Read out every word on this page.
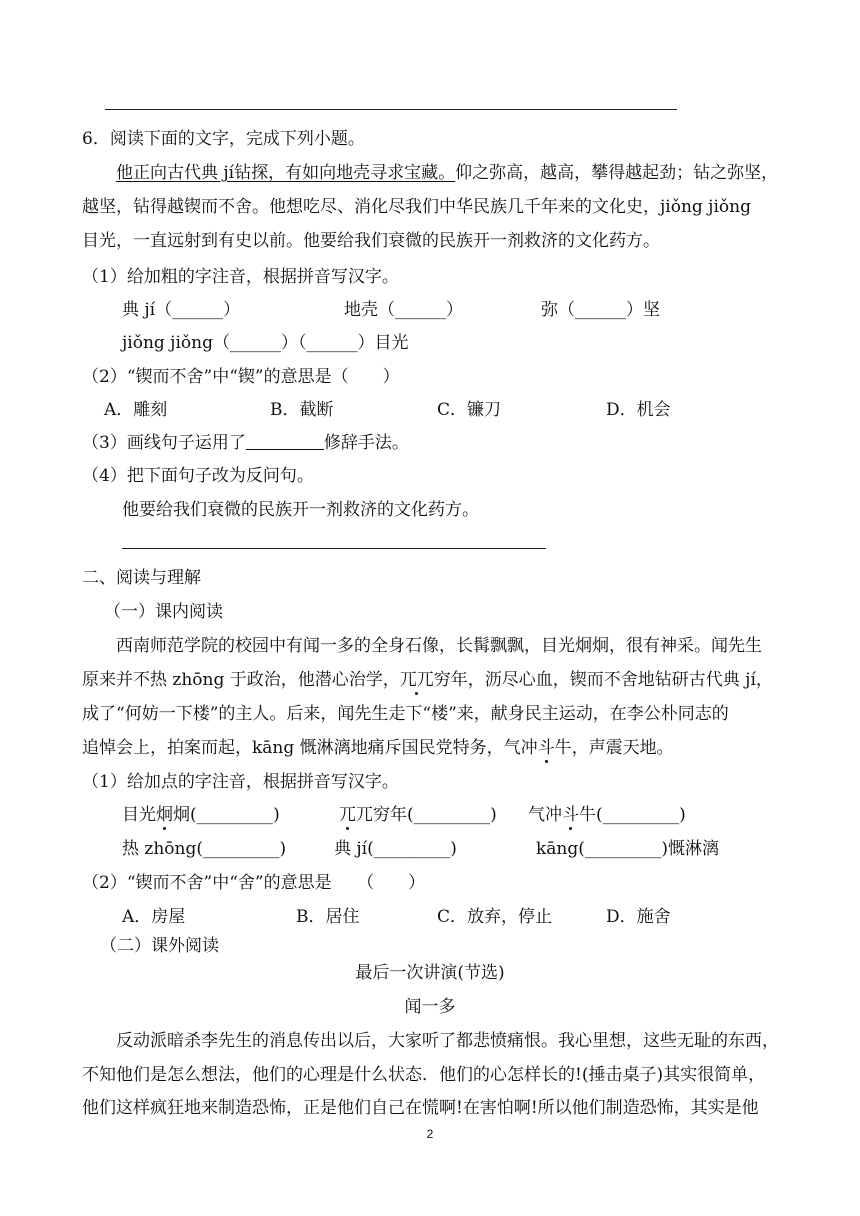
6．阅读下面的文字，完成下列小题。
他正向古代典 jí钻探，有如向地壳寻求宝藏。仰之弥高，越高，攀得越起劲；钻之弥坚，
越坚，钻得越锲而不舍。他想吃尽、消化尽我们中华民族几千年来的文化史，jiǒng jiǒng
目光，一直远射到有史以前。他要给我们衰微的民族开一剂救济的文化药方。
（1）给加粗的字注音，根据拼音写汉字。
典 jí（______）	地壳（______）	弥（______）坚
jiǒng jiǒng（______）（______）目光
（2）“锲而不舍”中“锲”的意思是（　　）
A．雕刻	B．截断	C．镰刀	D．机会
（3）画线句子运用了	修辞手法。
（4）把下面句子改为反问句。
他要给我们衰微的民族开一剂救济的文化药方。
二、阅读与理解
（一）课内阅读
西南师范学院的校园中有闻一多的全身石像，长髯飘飘，目光炯炯，很有神采。闻先生
原来并不热 zhōng 于政治，他潜心治学，兀兀穷年，沥尽心血，锲而不舍地钻研古代典 jí，
成了“何妨一下楼”的主人。后来，闻先生走下“楼”来，献身民主运动，在李公朴同志的
追悼会上，拍案而起，kāng 慨淋漓地痛斥国民党特务，气冲斗牛，声震天地。
（1）给加点的字注音，根据拼音写汉字。
目光炯炯(_________)	兀兀穷年(_________) 气冲斗牛(_________)
热 zhōng(_________)	典 jí(_________)	kāng(_________)慨淋漓
（2）“锲而不舍”中“舍”的意思是　　（　　）
A．房屋	B．居住	C．放弃，停止	D．施舍
（二）课外阅读
最后一次讲演(节选)
闻一多
反动派暗杀李先生的消息传出以后，大家听了都悲愤痛恨。我心里想，这些无耻的东西，
不知他们是怎么想法，他们的心理是什么状态．他们的心怎样长的!(捶击桌子)其实很简单，
他们这样疯狂地来制造恐怖，正是他们自己在慌啊!在害怕啊!所以他们制造恐怖，其实是他
2
